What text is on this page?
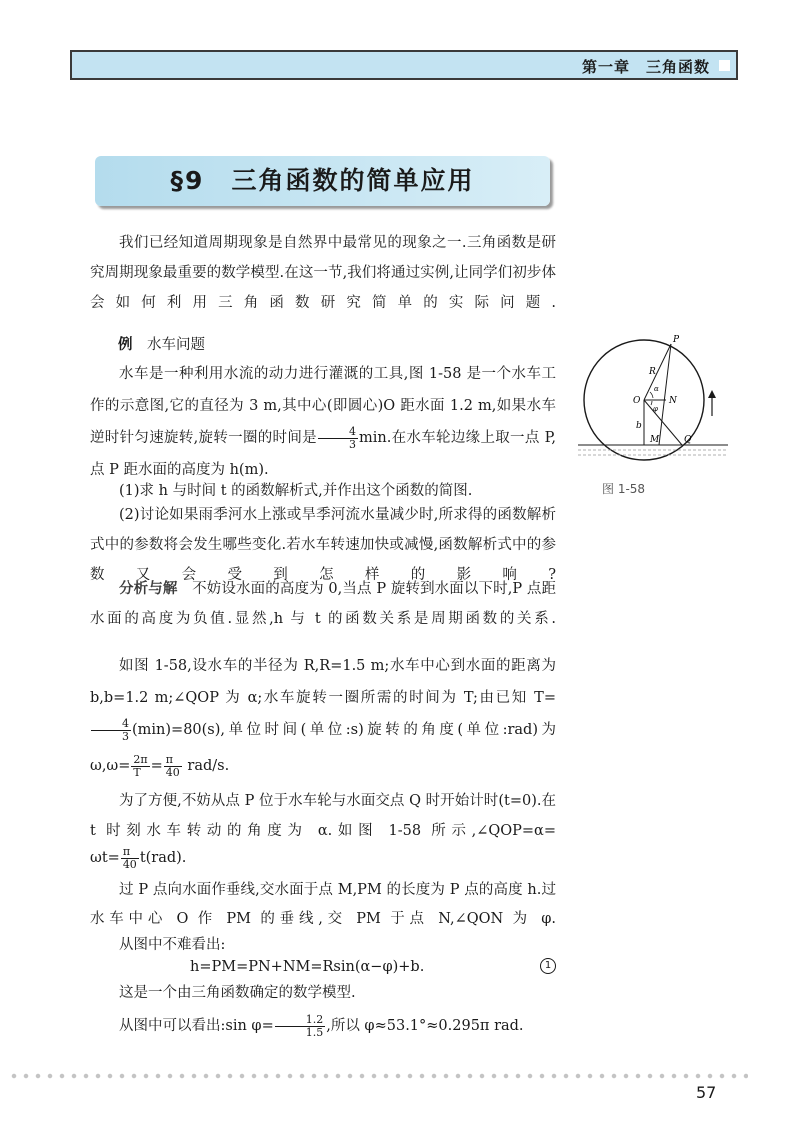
第一章　三角函数
§9　三角函数的简单应用

我们已经知道周期现象是自然界中最常见的现象之一.三角函数是研究周期现象最重要的数学模型.在这一节,我们将通过实例,让同学们初步体会如何利用三角函数研究简单的实际问题.

例　 水车问题

水车是一种利用水流的动力进行灌溉的工具,图 1-58 是一个水车工作的示意图,它的直径为 3 m,其中心(即圆心)O 距水面 1.2 m,如果水车逆时针匀速旋转,旋转一圈的时间是 $\frac{4}{3} \min$.在水车轮边缘上取一点 P,点 P 距水面的高度为 h(m).

(1)求 h 与时间 t 的函数解析式,并作出这个函数的简图.

(2)讨论如果雨季河水上涨或旱季河流水量减少时,所求得的函数解析式中的参数将会发生哪些变化.若水车转速加快或减慢,函数解析式中的参数又会受到怎样的影响?

分析与解　 不妨设水面的高度为 0,当点 P 旋转到水面以下时,P 点距水面的高度为负值.显然,h 与 t 的函数关系是周期函数的关系.

如图 1-58,设水车的半径为 R,R=1.5 m;水车中心到水面的距离为 b,b=1.2 m;∠QOP 为 α;水车旋转一圈所需的时间为 T;由已知 T=
$\frac{4}{3} (\min)=80(s)$,单位时间(单位:s)旋转的角度(单位:rad)为

$\omega,\omega= \frac{2\pi}{T} = \frac{\pi}{40} rad/s$.

为了方便,不妨从点 P 位于水车轮与水面交点 Q 时开始计时(t=0).在 t 时刻水车转动的角度为 α.如图 1-58 所示,∠QOP=α=

$\omega t= \frac{\pi}{40} t(rad)$.

过 P 点向水面作垂线,交水面于点 M,PM 的长度为 P 点的高度 h.过水车中心 O 作 PM 的垂线,交 PM 于点 N,∠QON 为 φ.

从图中不难看出:

h=PM=PN+NM=Rsin(α−φ)+b.	1

这是一个由三角函数确定的数学模型.

从图中可以看出:sin $\varphi= \frac{1.2}{1.5}$ ,所以 φ≈53.1°≈0.295π rad.

P
R
O	N
b
M	Q
α
φ
图 1-58
57
